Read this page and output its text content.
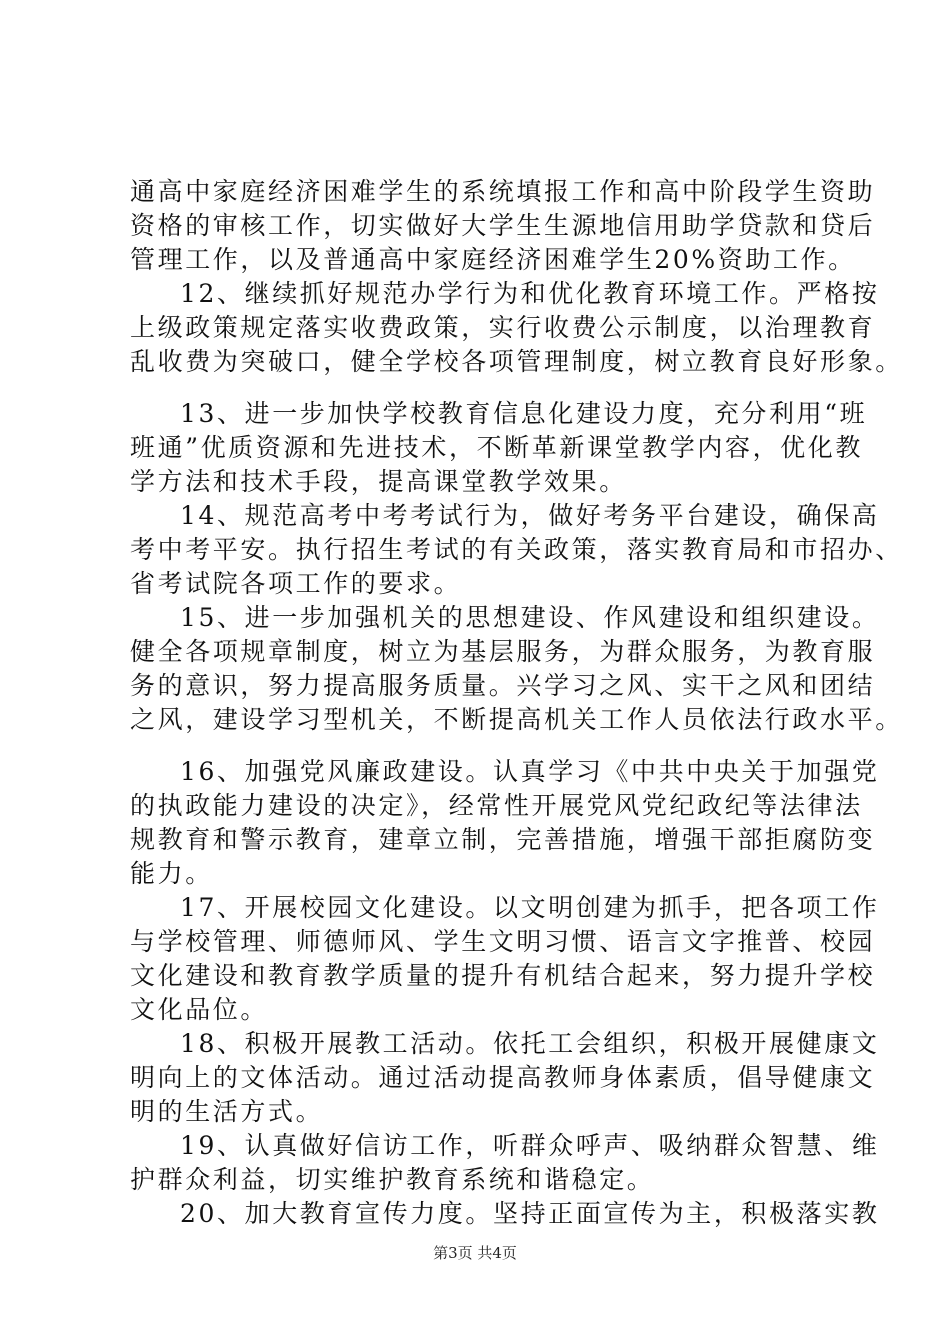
通高中家庭经济困难学生的系统填报工作和高中阶段学生资助
资格的审核工作，切实做好大学生生源地信用助学贷款和贷后
管理工作，以及普通高中家庭经济困难学生20%资助工作。
12、继续抓好规范办学行为和优化教育环境工作。严格按
上级政策规定落实收费政策，实行收费公示制度，以治理教育
乱收费为突破口，健全学校各项管理制度，树立教育良好形象。
13、进一步加快学校教育信息化建设力度，充分利用“班
班通”优质资源和先进技术，不断革新课堂教学内容，优化教
学方法和技术手段，提高课堂教学效果。
14、规范高考中考考试行为，做好考务平台建设，确保高
考中考平安。执行招生考试的有关政策，落实教育局和市招办、
省考试院各项工作的要求。
15、进一步加强机关的思想建设、作风建设和组织建设。
健全各项规章制度，树立为基层服务，为群众服务，为教育服
务的意识，努力提高服务质量。兴学习之风、实干之风和团结
之风，建设学习型机关，不断提高机关工作人员依法行政水平。
16、加强党风廉政建设。认真学习《中共中央关于加强党
的执政能力建设的决定》，经常性开展党风党纪政纪等法律法
规教育和警示教育，建章立制，完善措施，增强干部拒腐防变
能力。
17、开展校园文化建设。以文明创建为抓手，把各项工作
与学校管理、师德师风、学生文明习惯、语言文字推普、校园
文化建设和教育教学质量的提升有机结合起来，努力提升学校
文化品位。
18、积极开展教工活动。依托工会组织，积极开展健康文
明向上的文体活动。通过活动提高教师身体素质，倡导健康文
明的生活方式。
19、认真做好信访工作，听群众呼声、吸纳群众智慧、维
护群众利益，切实维护教育系统和谐稳定。
20、加大教育宣传力度。坚持正面宣传为主，积极落实教
第3页 共4页
